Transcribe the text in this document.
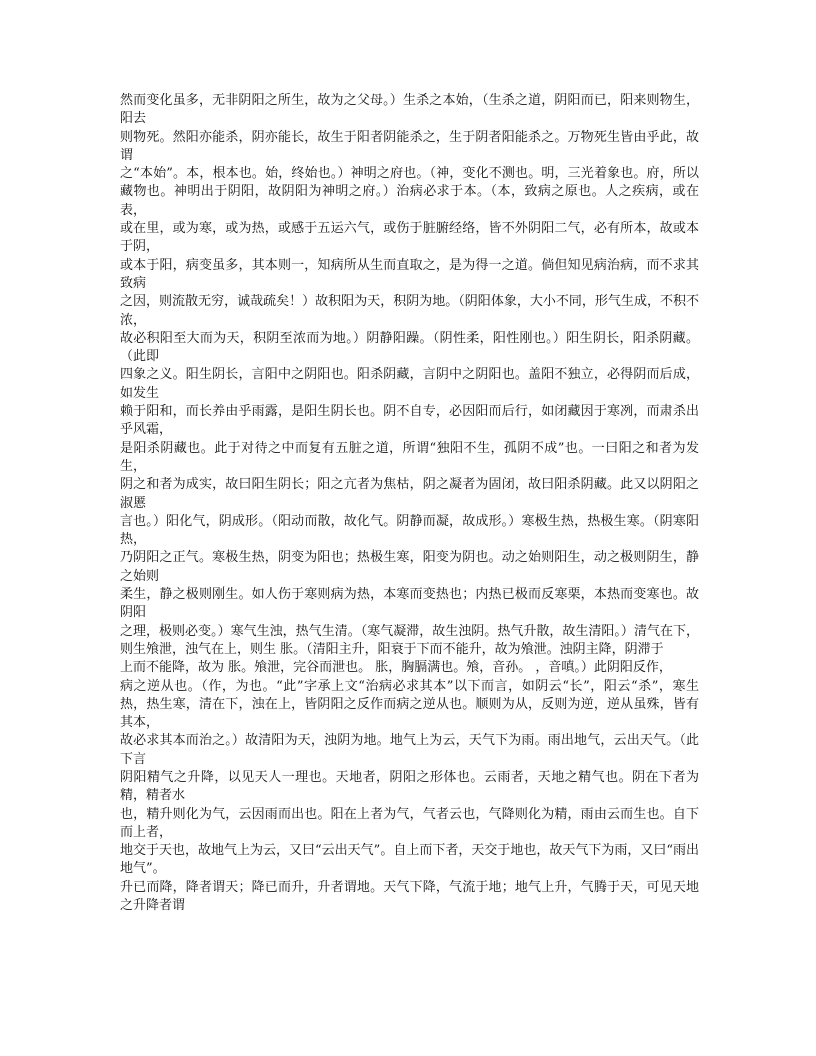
然而变化虽多，无非阴阳之所生，故为之父母。）生杀之本始，（生杀之道，阴阳而已，阳来则物生，阳去

则物死。然阳亦能杀，阴亦能长，故生于阳者阴能杀之，生于阴者阳能杀之。万物死生皆由乎此，故谓

之“本始”。本，根本也。始，终始也。）神明之府也。（神，变化不测也。明，三光着象也。府，所以藏物也。神明出于阴阳，故阴阳为神明之府。）治病必求于本。（本，致病之原也。人之疾病，或在表，

或在里，或为寒，或为热，或感于五运六气，或伤于脏腑经络，皆不外阴阳二气，必有所本，故或本于阴，

或本于阳，病变虽多，其本则一，知病所从生而直取之，是为得一之道。倘但知见病治病，而不求其致病

之因，则流散无穷，诚哉疏矣！）故积阳为天，积阴为地。（阴阳体象，大小不同，形气生成，不积不浓，

故必积阳至大而为天，积阴至浓而为地。）阴静阳躁。（阴性柔，阳性刚也。）阳生阴长，阳杀阴藏。（此即

四象之义。阳生阴长，言阳中之阴阳也。阳杀阴藏，言阴中之阴阳也。盖阳不独立，必得阴而后成，如发生

赖于阳和，而长养由乎雨露，是阳生阴长也。阴不自专，必因阳而后行，如闭藏因于寒冽，而肃杀出乎风霜，

是阳杀阴藏也。此于对待之中而复有五脏之道，所谓“独阳不生，孤阴不成”也。一曰阳之和者为发生，

阴之和者为成实，故曰阳生阴长；阳之亢者为焦枯，阴之凝者为固闭，故曰阳杀阴藏。此又以阴阳之淑慝

言也。）阳化气，阴成形。（阳动而散，故化气。阴静而凝，故成形。）寒极生热，热极生寒。（阴寒阳热，

乃阴阳之正气。寒极生热，阴变为阳也；热极生寒，阳变为阴也。动之始则阳生，动之极则阴生，静之始则

柔生，静之极则刚生。如人伤于寒则病为热，本寒而变热也；内热已极而反寒栗，本热而变寒也。故阴阳

之理，极则必变。）寒气生浊，热气生清。（寒气凝滞，故生浊阴。热气升散，故生清阳。）清气在下，则生飧泄，浊气在上，则生 胀。（清阳主升，阳衰于下而不能升，故为飧泄。浊阴主降，阴滞于

上而不能降，故为 胀。飧泄，完谷而泄也。 胀，胸膈满也。飧，音孙。 ，音嗔。）此阴阳反作，

病之逆从也。（作，为也。“此”字承上文“治病必求其本”以下而言，如阴云“长”，阳云“杀”，寒生热，热生寒，清在下，浊在上，皆阴阳之反作而病之逆从也。顺则为从，反则为逆，逆从虽殊，皆有其本，

故必求其本而治之。）故清阳为天，浊阴为地。地气上为云，天气下为雨。雨出地气，云出天气。（此下言

阴阳精气之升降，以见天人一理也。天地者，阴阳之形体也。云雨者，天地之精气也。阴在下者为精，精者水

也，精升则化为气，云因雨而出也。阳在上者为气，气者云也，气降则化为精，雨由云而生也。自下而上者，

地交于天也，故地气上为云，又曰“云出天气”。自上而下者，天交于地也，故天气下为雨，又曰“雨出地气”。

升已而降，降者谓天；降已而升，升者谓地。天气下降，气流于地；地气上升，气腾于天，可见天地之升降者谓
